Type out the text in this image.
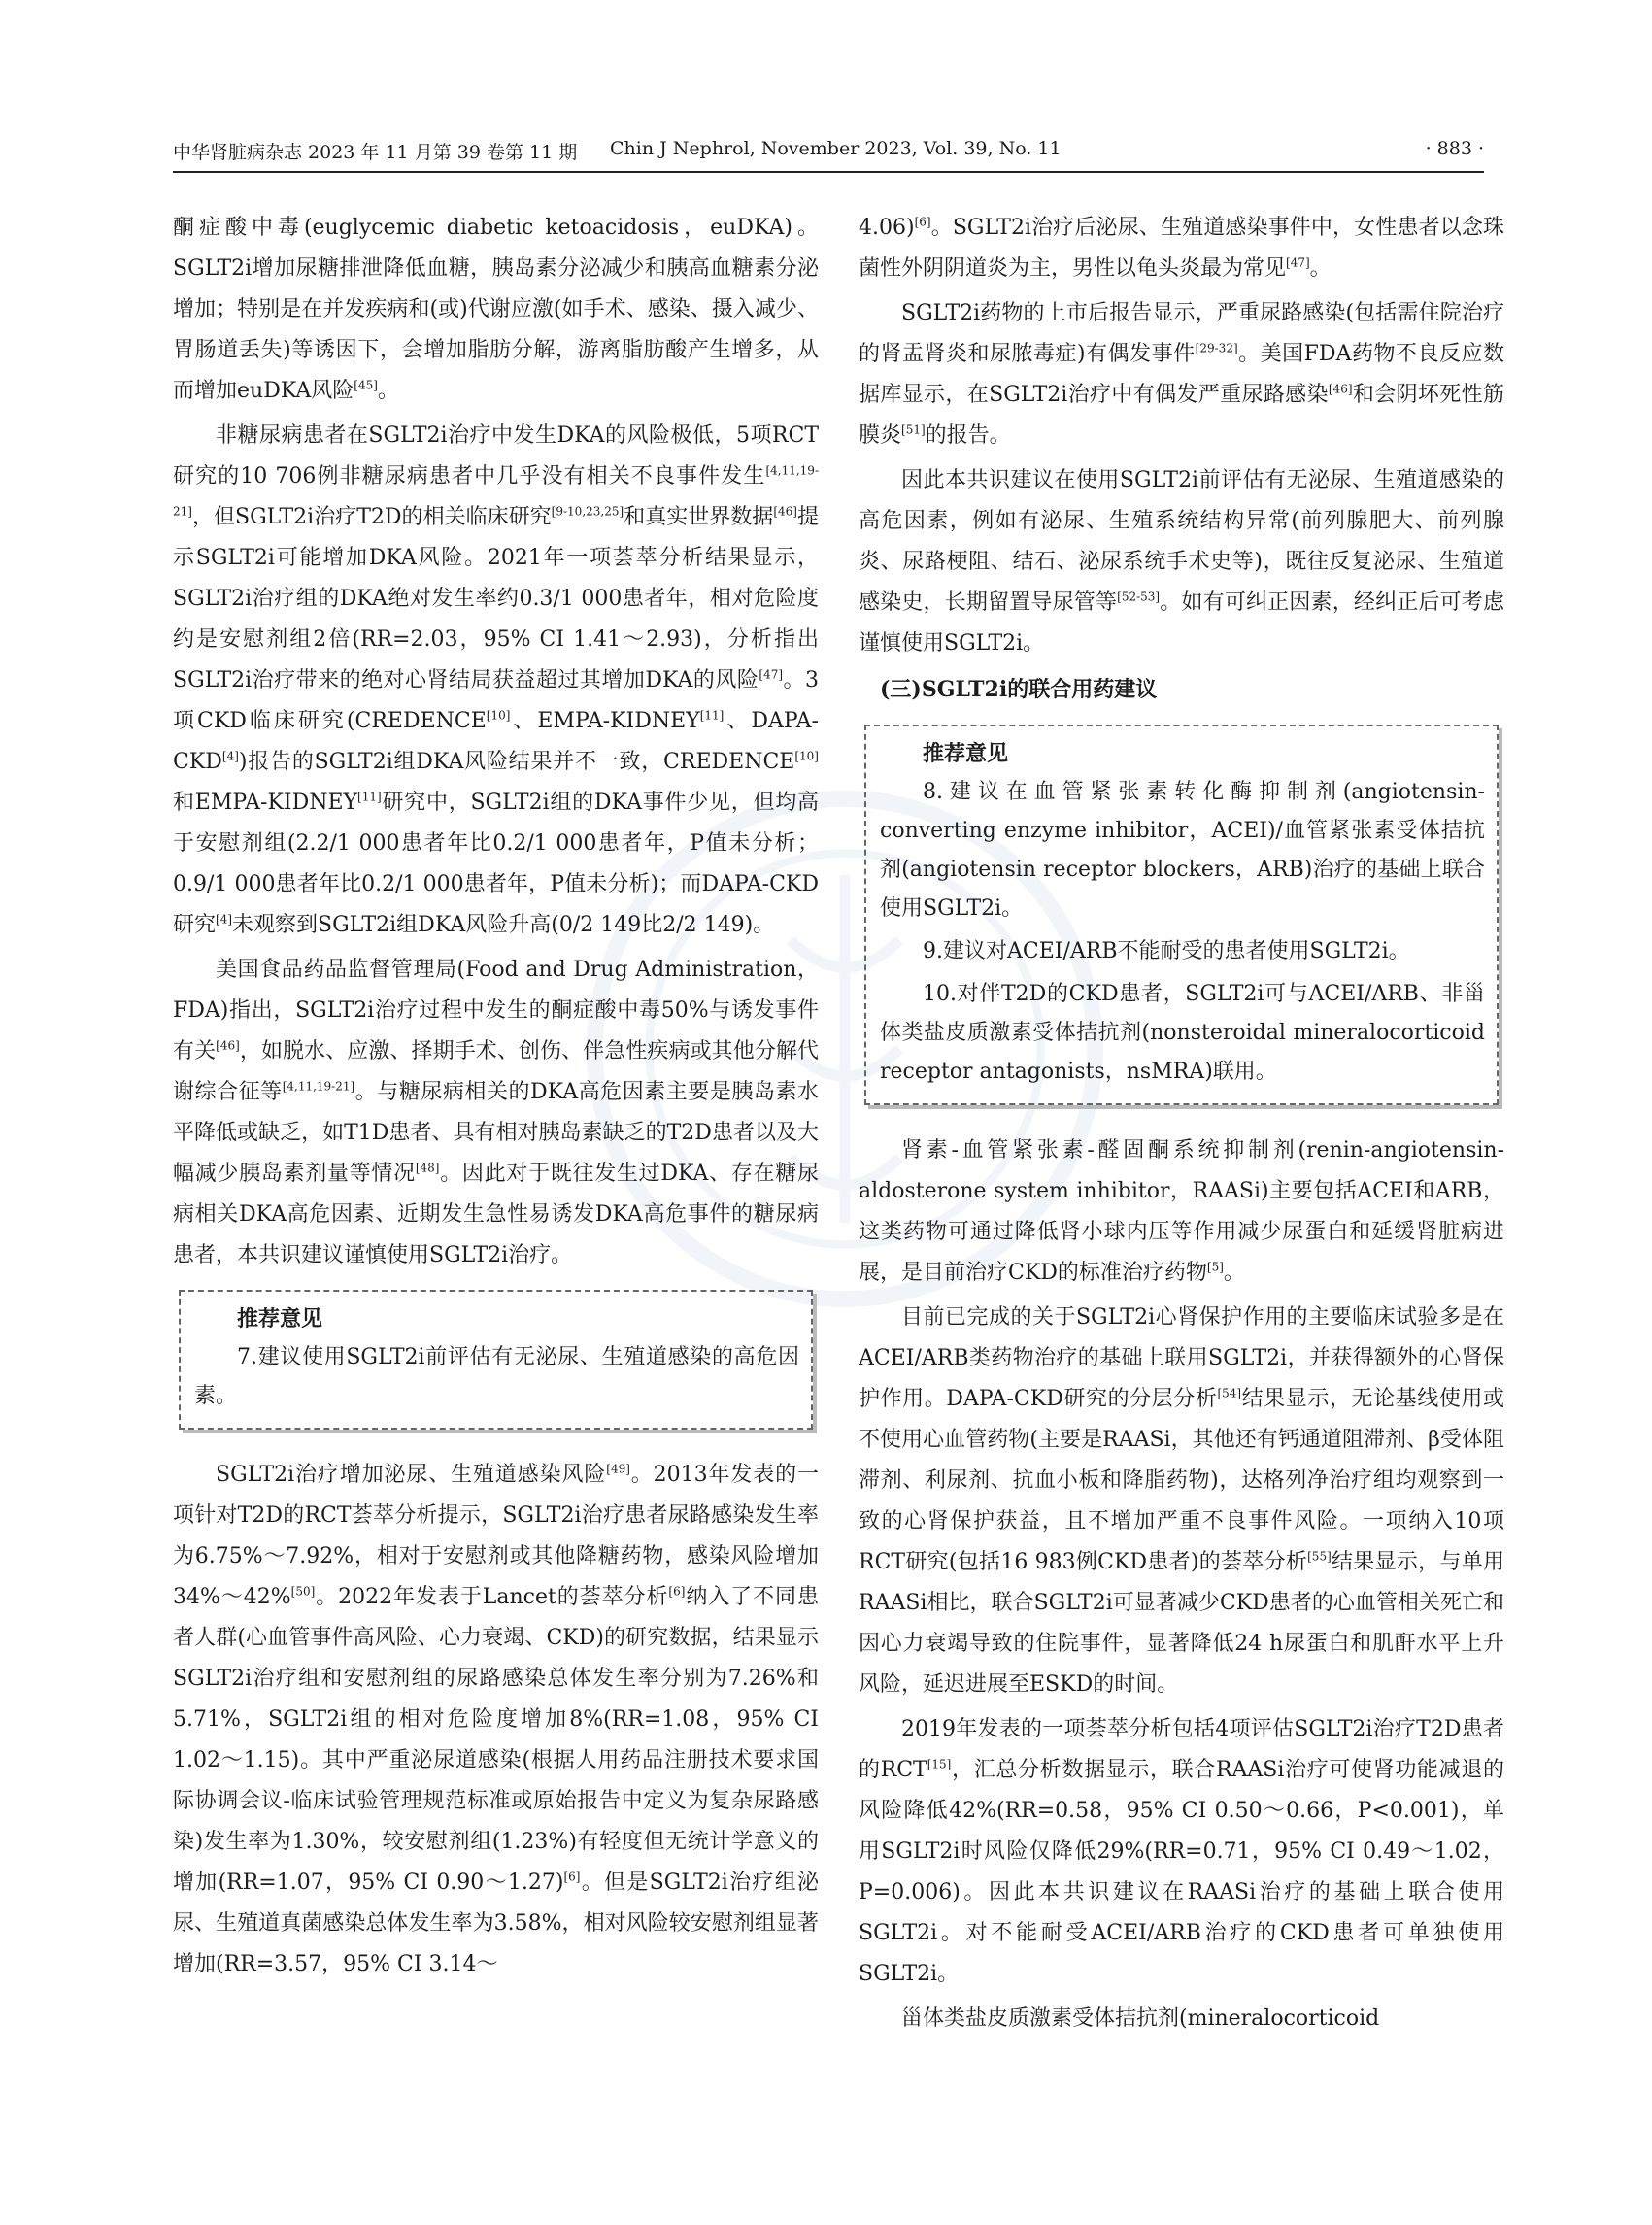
中华肾脏病杂志 2023 年 11 月第 39 卷第 11 期 Chin J Nephrol, November 2023, Vol. 39, No. 11	· 883 ·

酮症酸中毒(euglycemic diabetic ketoacidosis，euDKA)。SGLT2i增加尿糖排泄降低血糖，胰岛素分泌减少和胰高血糖素分泌增加；特别是在并发疾病和(或)代谢应激(如手术、感染、摄入减少、胃肠道丢失)等诱因下，会增加脂肪分解，游离脂肪酸产生增多，从而增加euDKA风险[45]。

非糖尿病患者在SGLT2i治疗中发生DKA的风险极低，5项RCT研究的10 706例非糖尿病患者中几乎没有相关不良事件发生[4,11,19-21]，但SGLT2i治疗T2D的相关临床研究[9-10,23,25]和真实世界数据[46]提示SGLT2i可能增加DKA风险。2021年一项荟萃分析结果显示，SGLT2i治疗组的DKA绝对发生率约0.3/1 000患者年，相对危险度约是安慰剂组2倍(RR=2.03，95% CI 1.41～2.93)，分析指出SGLT2i治疗带来的绝对心肾结局获益超过其增加DKA的风险[47]。3项CKD临床研究(CREDENCE[10]、EMPA-KIDNEY[11]、DAPA-CKD[4])报告的SGLT2i组DKA风险结果并不一致，CREDENCE[10]和EMPA-KIDNEY[11]研究中，SGLT2i组的DKA事件少见，但均高于安慰剂组(2.2/1 000患者年比0.2/1 000患者年，P值未分析；0.9/1 000患者年比0.2/1 000患者年，P值未分析)；而DAPA-CKD研究[4]未观察到SGLT2i组DKA风险升高(0/2 149比2/2 149)。

美国食品药品监督管理局(Food and Drug Administration，FDA)指出，SGLT2i治疗过程中发生的酮症酸中毒50%与诱发事件有关[46]，如脱水、应激、择期手术、创伤、伴急性疾病或其他分解代谢综合征等[4,11,19-21]。与糖尿病相关的DKA高危因素主要是胰岛素水平降低或缺乏，如T1D患者、具有相对胰岛素缺乏的T2D患者以及大幅减少胰岛素剂量等情况[48]。因此对于既往发生过DKA、存在糖尿病相关DKA高危因素、近期发生急性易诱发DKA高危事件的糖尿病患者，本共识建议谨慎使用SGLT2i治疗。

推荐意见

7.建议使用SGLT2i前评估有无泌尿、生殖道感染的高危因素。

SGLT2i治疗增加泌尿、生殖道感染风险[49]。2013年发表的一项针对T2D的RCT荟萃分析提示，SGLT2i治疗患者尿路感染发生率为6.75%～7.92%，相对于安慰剂或其他降糖药物，感染风险增加34%～42%[50]。2022年发表于Lancet的荟萃分析[6]纳入了不同患者人群(心血管事件高风险、心力衰竭、CKD)的研究数据，结果显示SGLT2i治疗组和安慰剂组的尿路感染总体发生率分别为7.26%和5.71%，SGLT2i组的相对危险度增加8%(RR=1.08，95% CI 1.02～1.15)。其中严重泌尿道感染(根据人用药品注册技术要求国际协调会议-临床试验管理规范标准或原始报告中定义为复杂尿路感染)发生率为1.30%，较安慰剂组(1.23%)有轻度但无统计学意义的增加(RR=1.07，95% CI 0.90～1.27)[6]。但是SGLT2i治疗组泌尿、生殖道真菌感染总体发生率为3.58%，相对风险较安慰剂组显著增加(RR=3.57，95% CI 3.14～

4.06)[6]。SGLT2i治疗后泌尿、生殖道感染事件中，女性患者以念珠菌性外阴阴道炎为主，男性以龟头炎最为常见[47]。

SGLT2i药物的上市后报告显示，严重尿路感染(包括需住院治疗的肾盂肾炎和尿脓毒症)有偶发事件[29-32]。美国FDA药物不良反应数据库显示，在SGLT2i治疗中有偶发严重尿路感染[46]和会阴坏死性筋膜炎[51]的报告。

因此本共识建议在使用SGLT2i前评估有无泌尿、生殖道感染的高危因素，例如有泌尿、生殖系统结构异常(前列腺肥大、前列腺炎、尿路梗阻、结石、泌尿系统手术史等)，既往反复泌尿、生殖道感染史，长期留置导尿管等[52-53]。如有可纠正因素，经纠正后可考虑谨慎使用SGLT2i。

(三)SGLT2i的联合用药建议

推荐意见

8.建议在血管紧张素转化酶抑制剂(angiotensin-converting enzyme inhibitor，ACEI)/血管紧张素受体拮抗剂(angiotensin receptor blockers，ARB)治疗的基础上联合使用SGLT2i。

9.建议对ACEI/ARB不能耐受的患者使用SGLT2i。

10.对伴T2D的CKD患者，SGLT2i可与ACEI/ARB、非甾体类盐皮质激素受体拮抗剂(nonsteroidal mineralocorticoid receptor antagonists，nsMRA)联用。

肾素-血管紧张素-醛固酮系统抑制剂(renin-angiotensin-aldosterone system inhibitor，RAASi)主要包括ACEI和ARB，这类药物可通过降低肾小球内压等作用减少尿蛋白和延缓肾脏病进展，是目前治疗CKD的标准治疗药物[5]。

目前已完成的关于SGLT2i心肾保护作用的主要临床试验多是在ACEI/ARB类药物治疗的基础上联用SGLT2i，并获得额外的心肾保护作用。DAPA-CKD研究的分层分析[54]结果显示，无论基线使用或不使用心血管药物(主要是RAASi，其他还有钙通道阻滞剂、β受体阻滞剂、利尿剂、抗血小板和降脂药物)，达格列净治疗组均观察到一致的心肾保护获益，且不增加严重不良事件风险。一项纳入10项RCT研究(包括16 983例CKD患者)的荟萃分析[55]结果显示，与单用RAASi相比，联合SGLT2i可显著减少CKD患者的心血管相关死亡和因心力衰竭导致的住院事件，显著降低24 h尿蛋白和肌酐水平上升风险，延迟进展至ESKD的时间。

2019年发表的一项荟萃分析包括4项评估SGLT2i治疗T2D患者的RCT[15]，汇总分析数据显示，联合RAASi治疗可使肾功能减退的风险降低42%(RR=0.58，95% CI 0.50～0.66，P<0.001)，单用SGLT2i时风险仅降低29%(RR=0.71，95% CI 0.49～1.02，P=0.006)。因此本共识建议在RAASi治疗的基础上联合使用SGLT2i。对不能耐受ACEI/ARB治疗的CKD患者可单独使用SGLT2i。

甾体类盐皮质激素受体拮抗剂(mineralocorticoid
